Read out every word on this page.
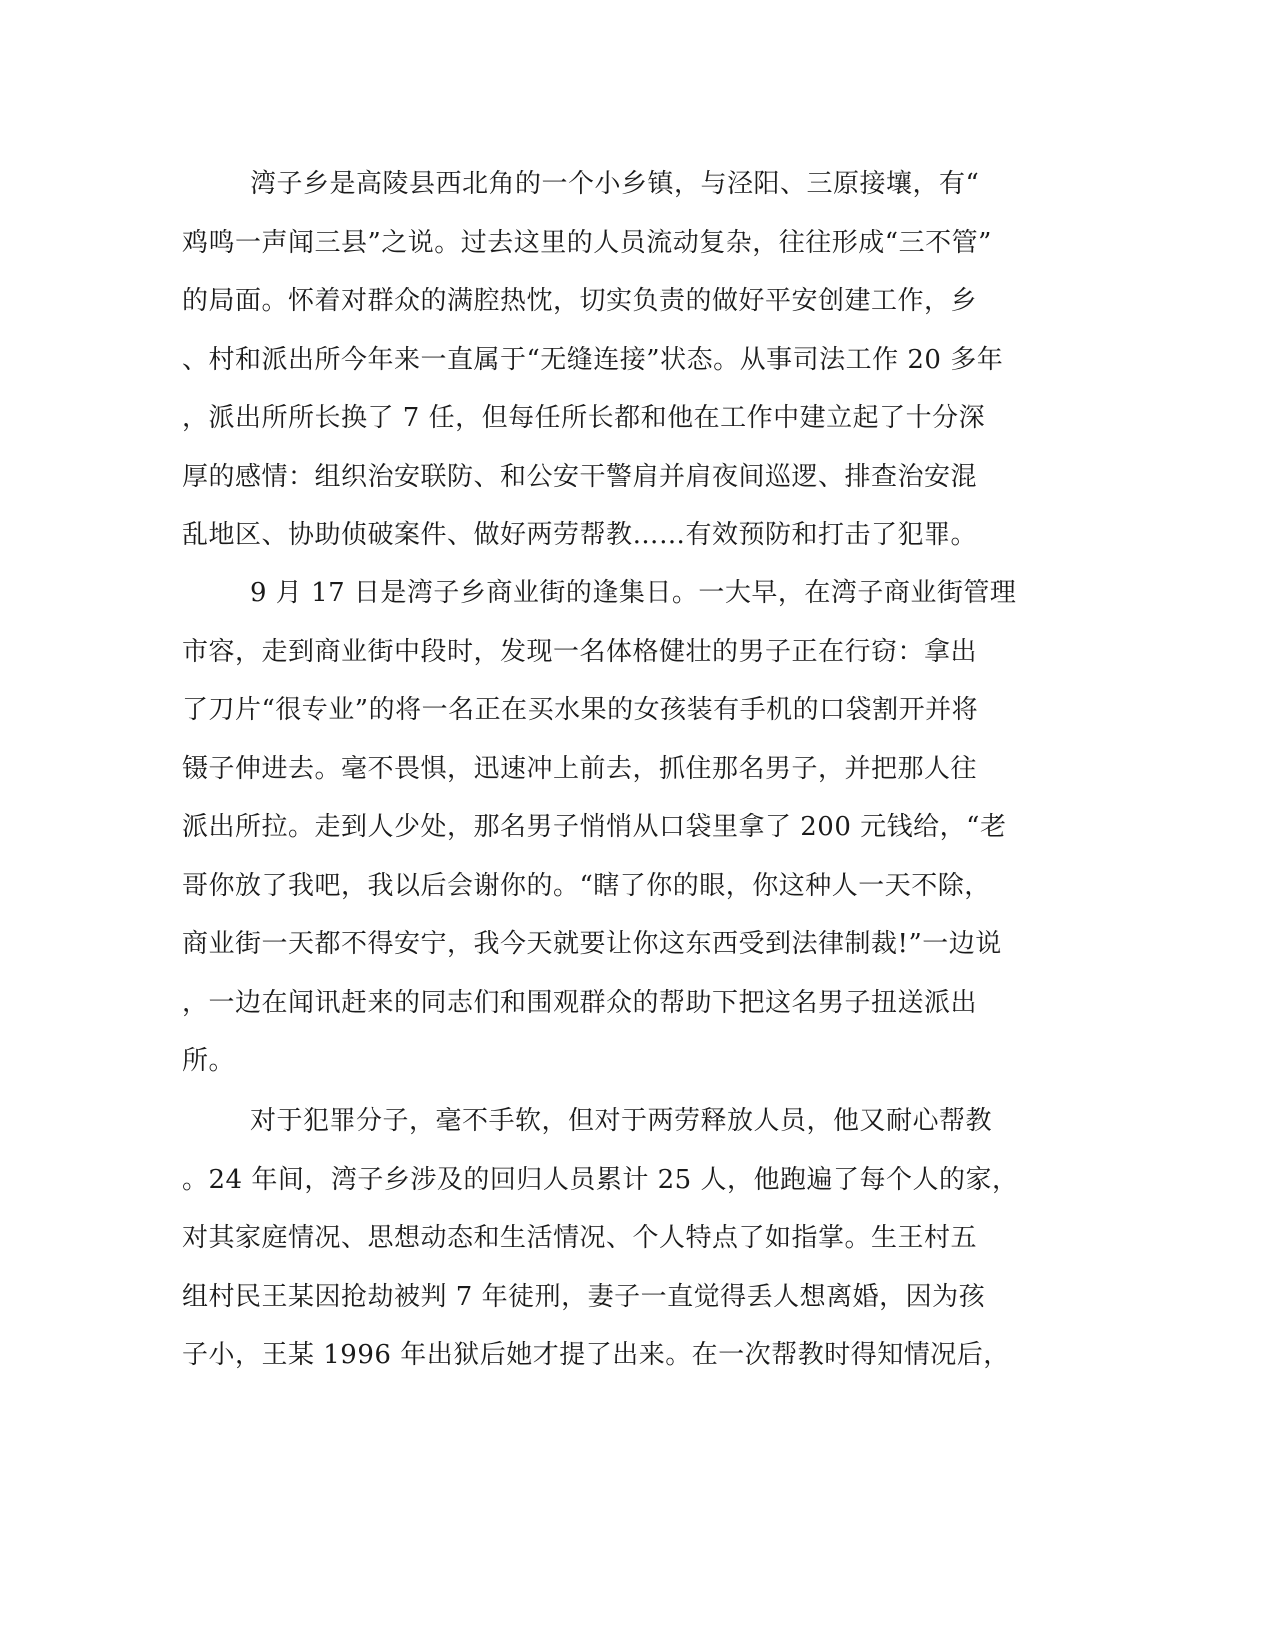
湾子乡是高陵县西北角的一个小乡镇，与泾阳、三原接壤，有“
鸡鸣一声闻三县”之说。过去这里的人员流动复杂，往往形成“三不管”
的局面。怀着对群众的满腔热忱，切实负责的做好平安创建工作，乡
、村和派出所今年来一直属于“无缝连接”状态。从事司法工作 20 多年
，派出所所长换了 7 任，但每任所长都和他在工作中建立起了十分深
厚的感情：组织治安联防、和公安干警肩并肩夜间巡逻、排查治安混
乱地区、协助侦破案件、做好两劳帮教……有效预防和打击了犯罪。
9 月 17 日是湾子乡商业街的逢集日。一大早，在湾子商业街管理
市容，走到商业街中段时，发现一名体格健壮的男子正在行窃：拿出
了刀片“很专业”的将一名正在买水果的女孩装有手机的口袋割开并将
镊子伸进去。毫不畏惧，迅速冲上前去，抓住那名男子，并把那人往
派出所拉。走到人少处，那名男子悄悄从口袋里拿了 200 元钱给，“老
哥你放了我吧，我以后会谢你的。“瞎了你的眼，你这种人一天不除，
商业街一天都不得安宁，我今天就要让你这东西受到法律制裁!”一边说
，一边在闻讯赶来的同志们和围观群众的帮助下把这名男子扭送派出
所。
对于犯罪分子，毫不手软，但对于两劳释放人员，他又耐心帮教
。24 年间，湾子乡涉及的回归人员累计 25 人，他跑遍了每个人的家，
对其家庭情况、思想动态和生活情况、个人特点了如指掌。生王村五
组村民王某因抢劫被判 7 年徒刑，妻子一直觉得丢人想离婚，因为孩
子小，王某 1996 年出狱后她才提了出来。在一次帮教时得知情况后，
